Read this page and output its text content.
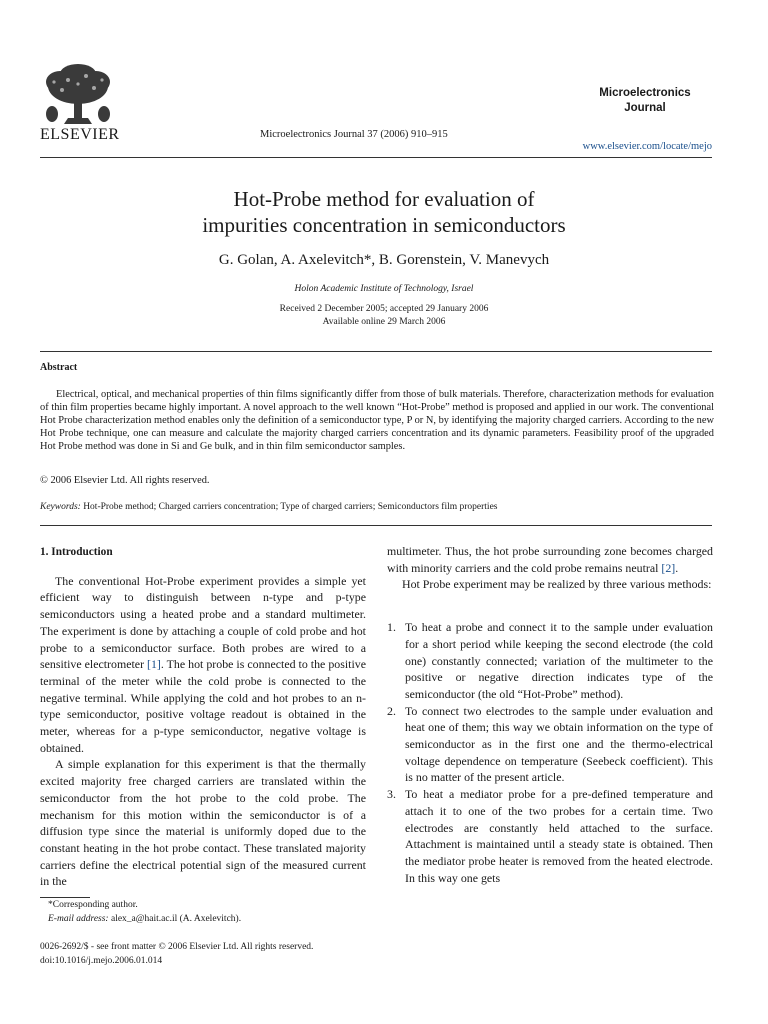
ELSEVIER	Microelectronics Journal 37 (2006) 910–915
Microelectronics
Journal
www.elsevier.com/locate/mejo
Hot-Probe method for evaluation of
impurities concentration in semiconductors
G. Golan, A. Axelevitch*, B. Gorenstein, V. Manevych
Holon Academic Institute of Technology, Israel
Received 2 December 2005; accepted 29 January 2006
Available online 29 March 2006
Abstract
Electrical, optical, and mechanical properties of thin films significantly differ from those of bulk materials. Therefore, characterization methods for evaluation of thin film properties became highly important. A novel approach to the well known “Hot-Probe” method is proposed and applied in our work. The conventional Hot Probe characterization method enables only the definition of a semiconductor type, P or N, by identifying the majority charged carriers. According to the new Hot Probe technique, one can measure and calculate the majority charged carriers concentration and its dynamic parameters. Feasibility proof of the upgraded Hot Probe method was done in Si and Ge bulk, and in thin film semiconductor samples.
© 2006 Elsevier Ltd. All rights reserved.
Keywords: Hot-Probe method; Charged carriers concentration; Type of charged carriers; Semiconductors film properties
1. Introduction

The conventional Hot-Probe experiment provides a simple yet efficient way to distinguish between n-type and p-type semiconductors using a heated probe and a standard multimeter. The experiment is done by attaching a couple of cold probe and hot probe to a semiconductor surface. Both probes are wired to a sensitive electrometer [1]. The hot probe is connected to the positive terminal of the meter while the cold probe is connected to the negative terminal. While applying the cold and hot probes to an n-type semiconductor, positive voltage readout is obtained in the meter, whereas for a p-type semiconductor, negative voltage is obtained.

A simple explanation for this experiment is that the thermally excited majority free charged carriers are translated within the semiconductor from the hot probe to the cold probe. The mechanism for this motion within the semiconductor is of a diffusion type since the material is uniformly doped due to the constant heating in the hot probe contact. These translated majority carriers define the electrical potential sign of the measured current in the

multimeter. Thus, the hot probe surrounding zone becomes charged with minority carriers and the cold probe remains neutral [2].

Hot Probe experiment may be realized by three various methods:

1. To heat a probe and connect it to the sample under evaluation for a short period while keeping the second electrode (the cold one) constantly connected; variation of the multimeter to the positive or negative direction indicates type of the semiconductor (the old “Hot-Probe” method).

2. To connect two electrodes to the sample under evaluation and heat one of them; this way we obtain information on the type of semiconductor as in the first one and the thermo-electrical voltage dependence on temperature (Seebeck coefficient). This is no matter of the present article.

3. To heat a mediator probe for a pre-defined temperature and attach it to one of the two probes for a certain time. Two electrodes are constantly held attached to the surface. Attachment is maintained until a steady state is obtained. Then the mediator probe heater is removed from the heated electrode. In this way one gets

*Corresponding author.
E-mail address: alex_a@hait.ac.il (A. Axelevitch).
0026-2692/$ - see front matter © 2006 Elsevier Ltd. All rights reserved.
doi:10.1016/j.mejo.2006.01.014
